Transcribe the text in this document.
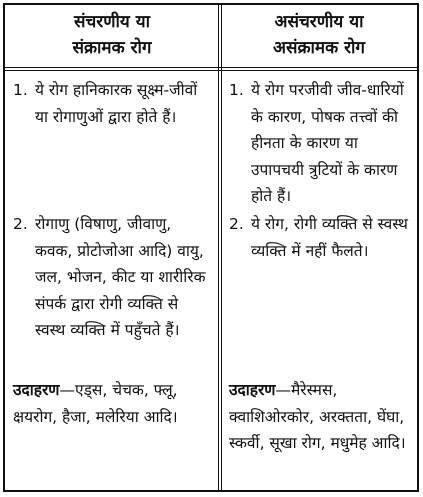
संचरणीय या
संक्रामक रोग
1. ये रोग हानिकारक सूक्ष्म-जीवों या रोगाणुओं द्वारा होते हैं।
2. रोगाणु (विषाणु, जीवाणु, कवक, प्रोटोजोआ आदि) वायु, जल, भोजन, कीट या शारीरिक संपर्क द्वारा रोगी व्यक्ति से स्वस्थ व्यक्ति में पहुँचते हैं।
उदाहरण—एड्स, चेचक, फ्लू, क्षयरोग, हैजा, मलेरिया आदि।
असंचरणीय या
असंक्रामक रोग
1. ये रोग परजीवी जीव-धारियों के कारण, पोषक तत्त्वों की हीनता के कारण या उपापचयी त्रुटियों के कारण होते हैं।
2. ये रोग, रोगी व्यक्ति से स्वस्थ व्यक्ति में नहीं फैलते।
उदाहरण—मैरेस्मस, क्वाशिओरकोर, अरक्तता, घेंघा, स्कर्वी, सूखा रोग, मधुमेह आदि।
